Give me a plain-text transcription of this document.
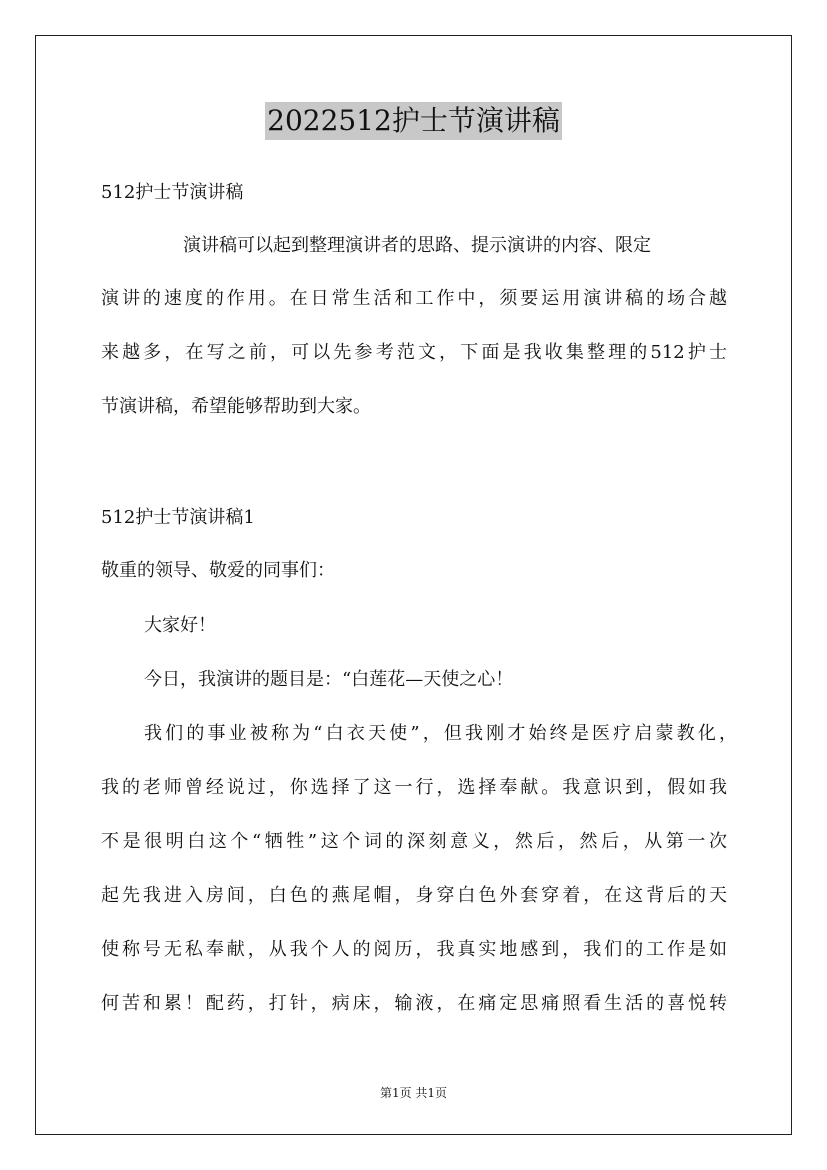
2022512护士节演讲稿
512护士节演讲稿
演讲稿可以起到整理演讲者的思路、提示演讲的内容、限定
演讲的速度的作用。在日常生活和工作中，须要运用演讲稿的场合越
来越多，在写之前，可以先参考范文，下面是我收集整理的512护士
节演讲稿，希望能够帮助到大家。
512护士节演讲稿1
敬重的领导、敬爱的同事们：
大家好！
今日，我演讲的题目是：“白莲花—天使之心！
我们的事业被称为“白衣天使”，但我刚才始终是医疗启蒙教化，
我的老师曾经说过，你选择了这一行，选择奉献。我意识到，假如我
不是很明白这个“牺牲”这个词的深刻意义，然后，然后，从第一次
起先我进入房间，白色的燕尾帽，身穿白色外套穿着，在这背后的天
使称号无私奉献，从我个人的阅历，我真实地感到，我们的工作是如
何苦和累！配药，打针，病床，输液，在痛定思痛照看生活的喜悦转
第1页 共1页
